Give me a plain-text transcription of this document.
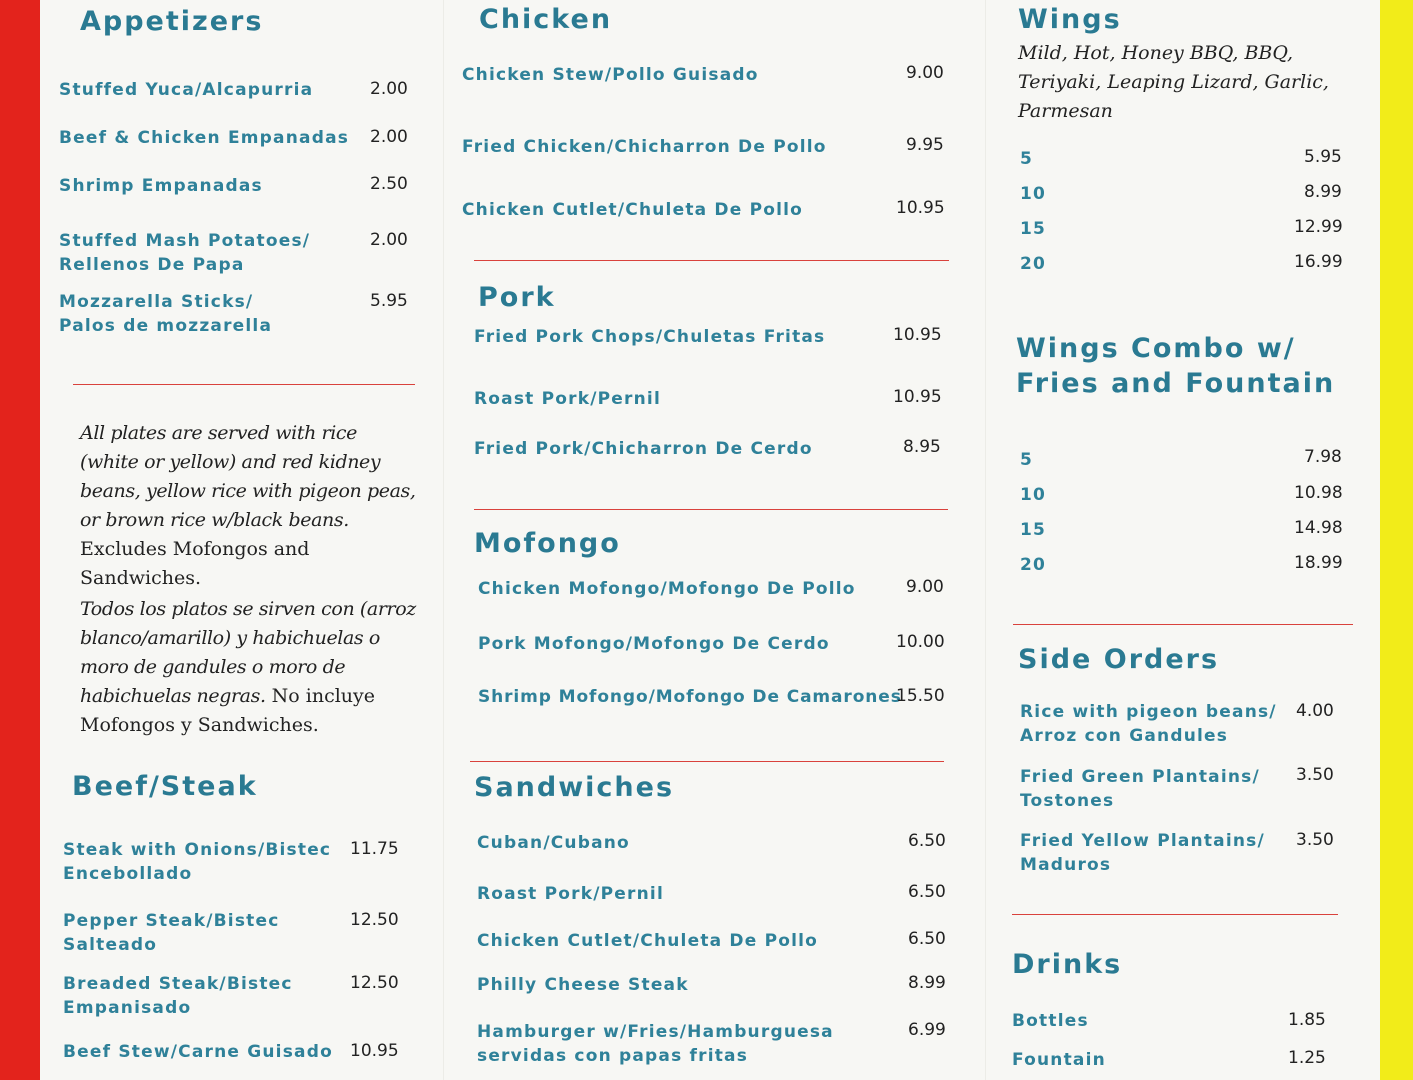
Appetizers
Stuffed Yuca/Alcapurria	2.00
Beef & Chicken Empanadas 2.00
Shrimp Empanadas	2.50
Stuffed Mash Potatoes/
Rellenos De Papa
2.00
Mozzarella Sticks/
Palos de mozzarella
5.95
All plates are served with rice (white or yellow) and red kidney beans, yellow rice with pigeon peas, or brown rice w/black beans. Excludes Mofongos and Sandwiches.
Todos los platos se sirven con (arroz blanco/amarillo) y habichuelas o moro de gandules o moro de habichuelas negras. No incluye Mofongos y Sandwiches.
Beef/Steak
Steak with Onions/Bistec
Encebollado
11.75
Pepper Steak/Bistec
Salteado
12.50
Breaded Steak/Bistec
Empanisado
12.50
Beef Stew/Carne Guisado 10.95
Chicken
Chicken Stew/Pollo Guisado	9.00
Fried Chicken/Chicharron De Pollo	9.95
Chicken Cutlet/Chuleta De Pollo	10.95
Pork
Fried Pork Chops/Chuletas Fritas	10.95
Roast Pork/Pernil	10.95
Fried Pork/Chicharron De Cerdo	8.95
Mofongo
Chicken Mofongo/Mofongo De Pollo	9.00
Pork Mofongo/Mofongo De Cerdo	10.00
Shrimp Mofongo/Mofongo De Camarones
15.50
Sandwiches
Cuban/Cubano	6.50
Roast Pork/Pernil	6.50
Chicken Cutlet/Chuleta De Pollo	6.50
Philly Cheese Steak	8.99
Hamburger w/Fries/Hamburguesa
servidas con papas fritas
6.99
Wings
Mild, Hot, Honey BBQ, BBQ, Teriyaki, Leaping Lizard, Garlic, Parmesan
5	5.95
10	8.99
15	12.99
20	16.99
Wings Combo w/
Fries and Fountain
5	7.98
10	10.98
15	14.98
20	18.99
Side Orders
Rice with pigeon beans/
Arroz con Gandules
4.00
Fried Green Plantains/
Tostones
3.50
Fried Yellow Plantains/
Maduros
3.50
Drinks
Bottles	1.85
Fountain	1.25
